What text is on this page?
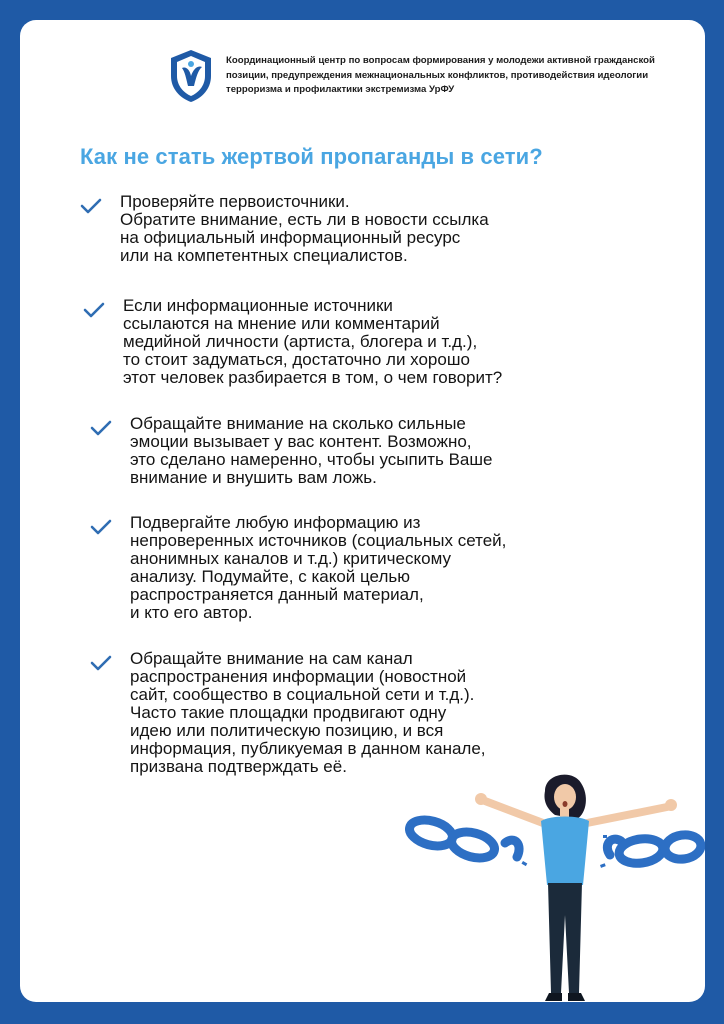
Координационный центр по вопросам формирования у молодежи активной гражданской позиции, предупреждения межнациональных конфликтов, противодействия идеологии терроризма и профилактики экстремизма УрФУ
Как не стать жертвой пропаганды в сети?
Проверяйте первоисточники.
Обратите внимание, есть ли в новости ссылка
на официальный информационный ресурс
или на компетентных специалистов.
Если информационные источники
ссылаются на мнение или комментарий
медийной личности (артиста, блогера и т.д.),
то стоит задуматься, достаточно ли хорошо
этот человек разбирается в том, о чем говорит?
Обращайте внимание на сколько сильные
эмоции вызывает у вас контент. Возможно,
это сделано намеренно, чтобы усыпить Ваше
внимание и внушить вам ложь.
Подвергайте любую информацию из
непроверенных источников (социальных сетей,
анонимных каналов и т.д.) критическому
анализу. Подумайте, с какой целью
распространяется данный материал,
и кто его автор.
Обращайте внимание на сам канал
распространения информации (новостной
сайт, сообщество в социальной сети и т.д.).
Часто такие площадки продвигают одну
идею или политическую позицию, и вся
информация, публикуемая в данном канале,
призвана подтверждать её.
